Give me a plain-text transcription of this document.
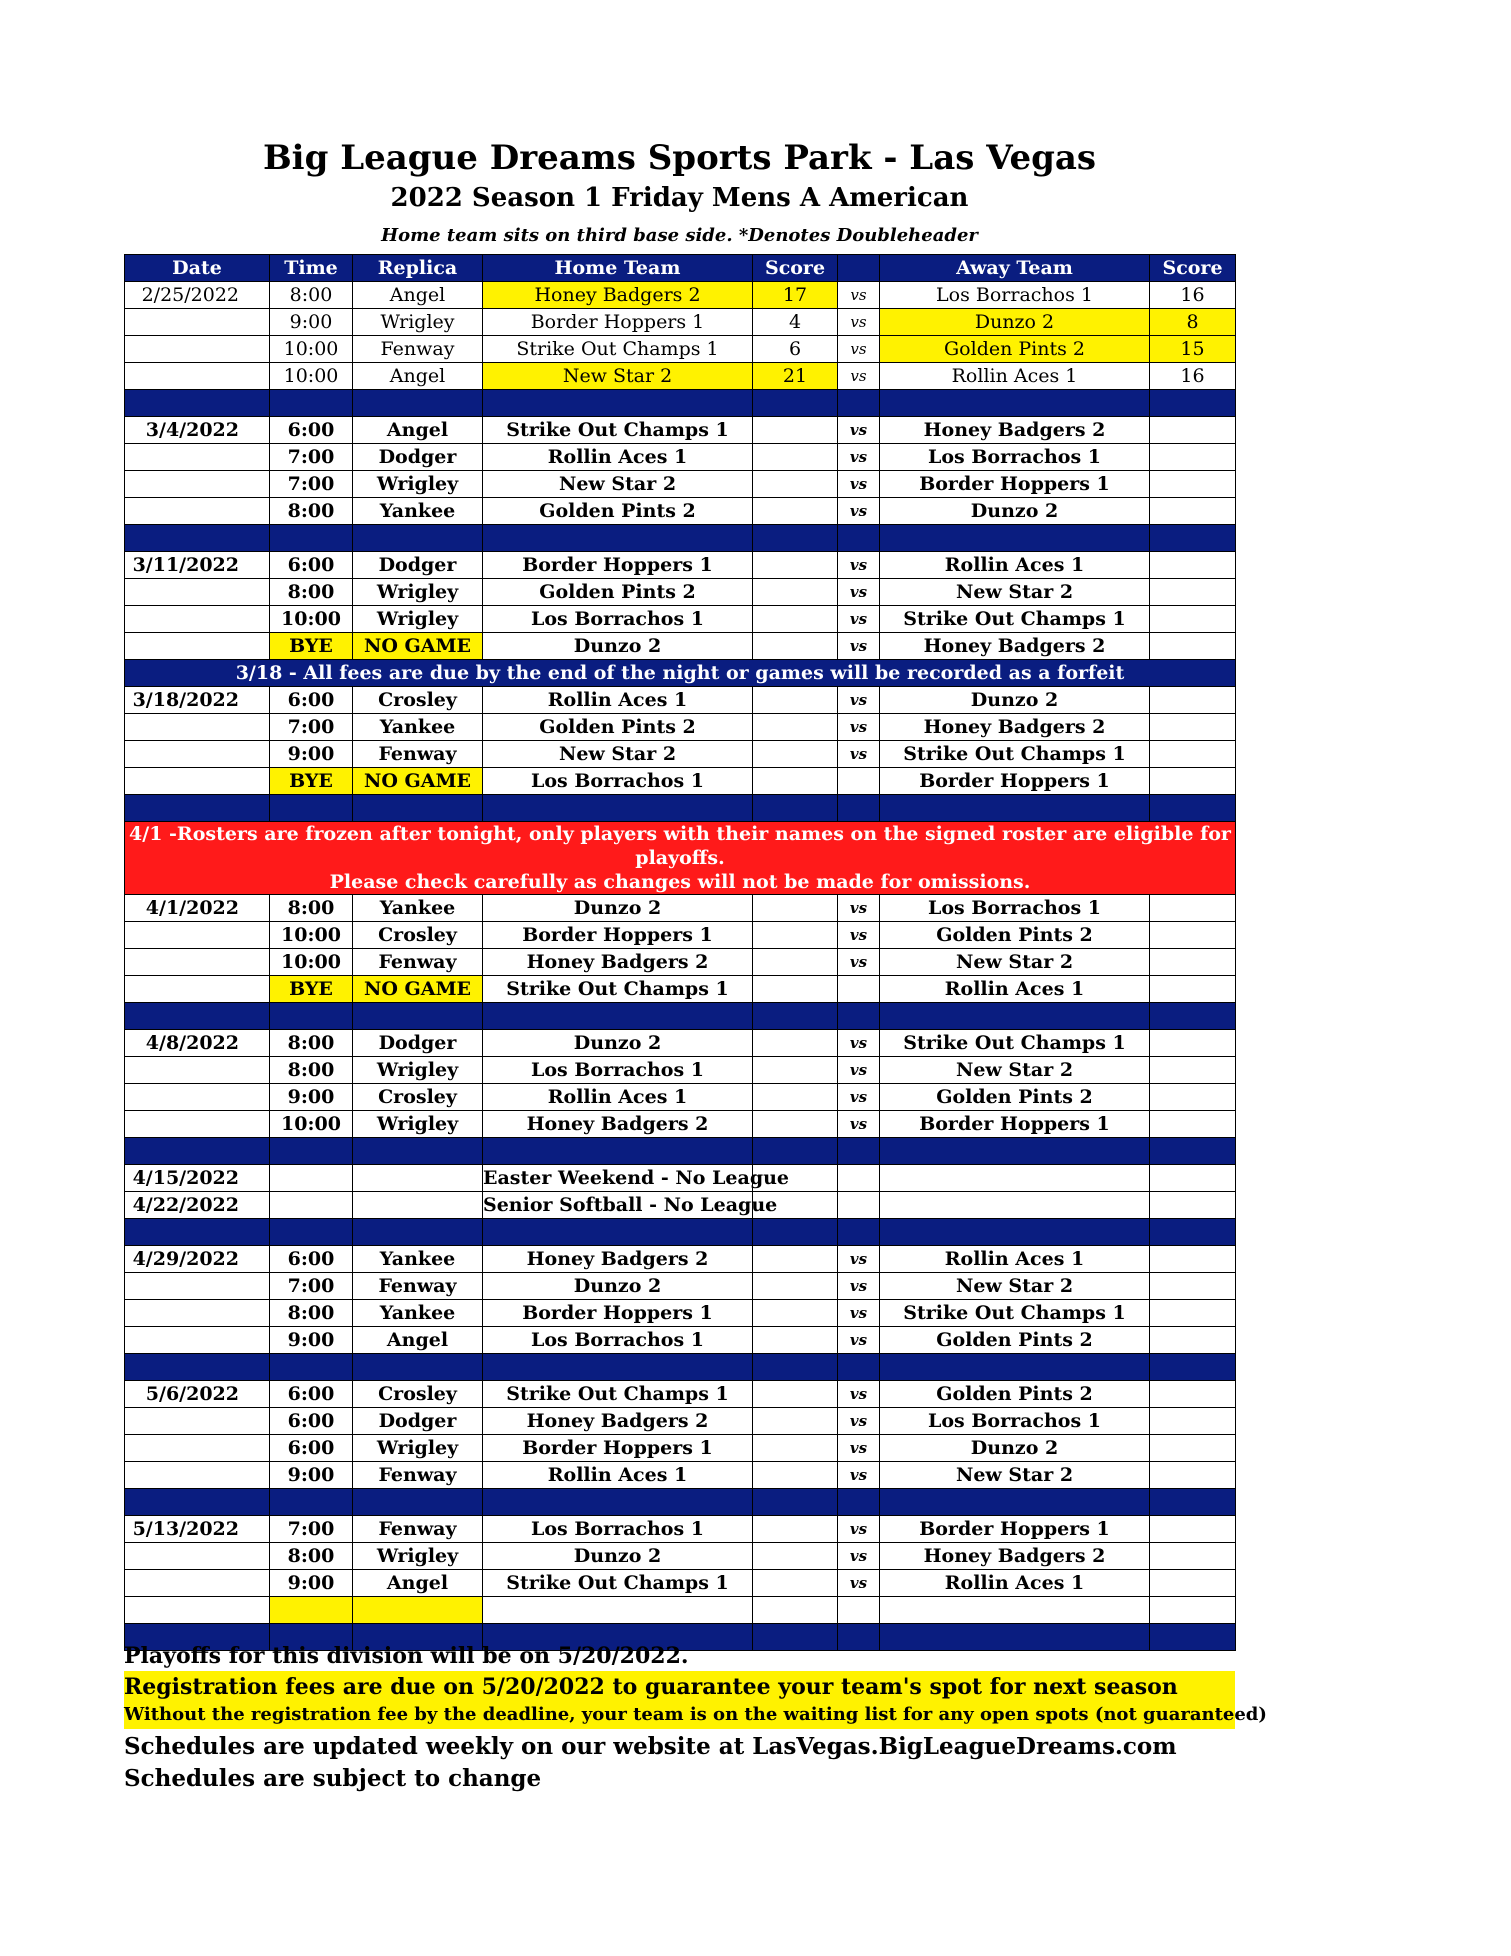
Big League Dreams Sports Park - Las Vegas
2022 Season 1 Friday Mens A American
Home team sits on third base side. *Denotes Doubleheader
Date	Time	Replica	Home Team	Score		Away Team	Score
2/25/2022	8:00	Angel	Honey Badgers 2	17	vs	Los Borrachos 1	16
	9:00	Wrigley	Border Hoppers 1	4	vs	Dunzo 2	8
	10:00	Fenway	Strike Out Champs 1	6	vs	Golden Pints 2	15
	10:00	Angel	New Star 2	21	vs	Rollin Aces 1	16

3/4/2022	6:00	Angel	Strike Out Champs 1		vs	Honey Badgers 2	
	7:00	Dodger	Rollin Aces 1		vs	Los Borrachos 1	
	7:00	Wrigley	New Star 2		vs	Border Hoppers 1	
	8:00	Yankee	Golden Pints 2		vs	Dunzo 2	

3/11/2022	6:00	Dodger	Border Hoppers 1		vs	Rollin Aces 1	
	8:00	Wrigley	Golden Pints 2		vs	New Star 2	
	10:00	Wrigley	Los Borrachos 1		vs	Strike Out Champs 1	
	BYE	NO GAME	Dunzo 2		vs	Honey Badgers 2	
3/18 - All fees are due by the end of the night or games will be recorded as a forfeit							
3/18/2022	6:00	Crosley	Rollin Aces 1		vs	Dunzo 2	
	7:00	Yankee	Golden Pints 2		vs	Honey Badgers 2	
	9:00	Fenway	New Star 2		vs	Strike Out Champs 1	
	BYE	NO GAME	Los Borrachos 1			Border Hoppers 1	

4/1 -Rosters are frozen after tonight, only players with their names on the signed roster are eligible for playoffs.
Please check carefully as changes will not be made for omissions.							

4/1/2022	8:00	Yankee	Dunzo 2		vs	Los Borrachos 1	
	10:00	Crosley	Border Hoppers 1		vs	Golden Pints 2	
	10:00	Fenway	Honey Badgers 2		vs	New Star 2	
	BYE	NO GAME	Strike Out Champs 1			Rollin Aces 1	

4/8/2022	8:00	Dodger	Dunzo 2		vs	Strike Out Champs 1	
	8:00	Wrigley	Los Borrachos 1		vs	New Star 2	
	9:00	Crosley	Rollin Aces 1		vs	Golden Pints 2	
	10:00	Wrigley	Honey Badgers 2		vs	Border Hoppers 1	

4/15/2022			Easter Weekend - No League				
4/22/2022			Senior Softball - No League				

4/29/2022	6:00	Yankee	Honey Badgers 2		vs	Rollin Aces 1	
	7:00	Fenway	Dunzo 2		vs	New Star 2	
	8:00	Yankee	Border Hoppers 1		vs	Strike Out Champs 1	
	9:00	Angel	Los Borrachos 1		vs	Golden Pints 2	

5/6/2022	6:00	Crosley	Strike Out Champs 1		vs	Golden Pints 2	
	6:00	Dodger	Honey Badgers 2		vs	Los Borrachos 1	
	6:00	Wrigley	Border Hoppers 1		vs	Dunzo 2	
	9:00	Fenway	Rollin Aces 1		vs	New Star 2	

5/13/2022	7:00	Fenway	Los Borrachos 1		vs	Border Hoppers 1	
	8:00	Wrigley	Dunzo 2		vs	Honey Badgers 2	
	9:00	Angel	Strike Out Champs 1		vs	Rollin Aces 1	

Playoffs for this division will be on 5/20/2022.
Registration fees are due on 5/20/2022 to guarantee your team's spot for next season
Without the registration fee by the deadline, your team is on the waiting list for any open spots (not guaranteed)
Schedules are updated weekly on our website at LasVegas.BigLeagueDreams.com
Schedules are subject to change
